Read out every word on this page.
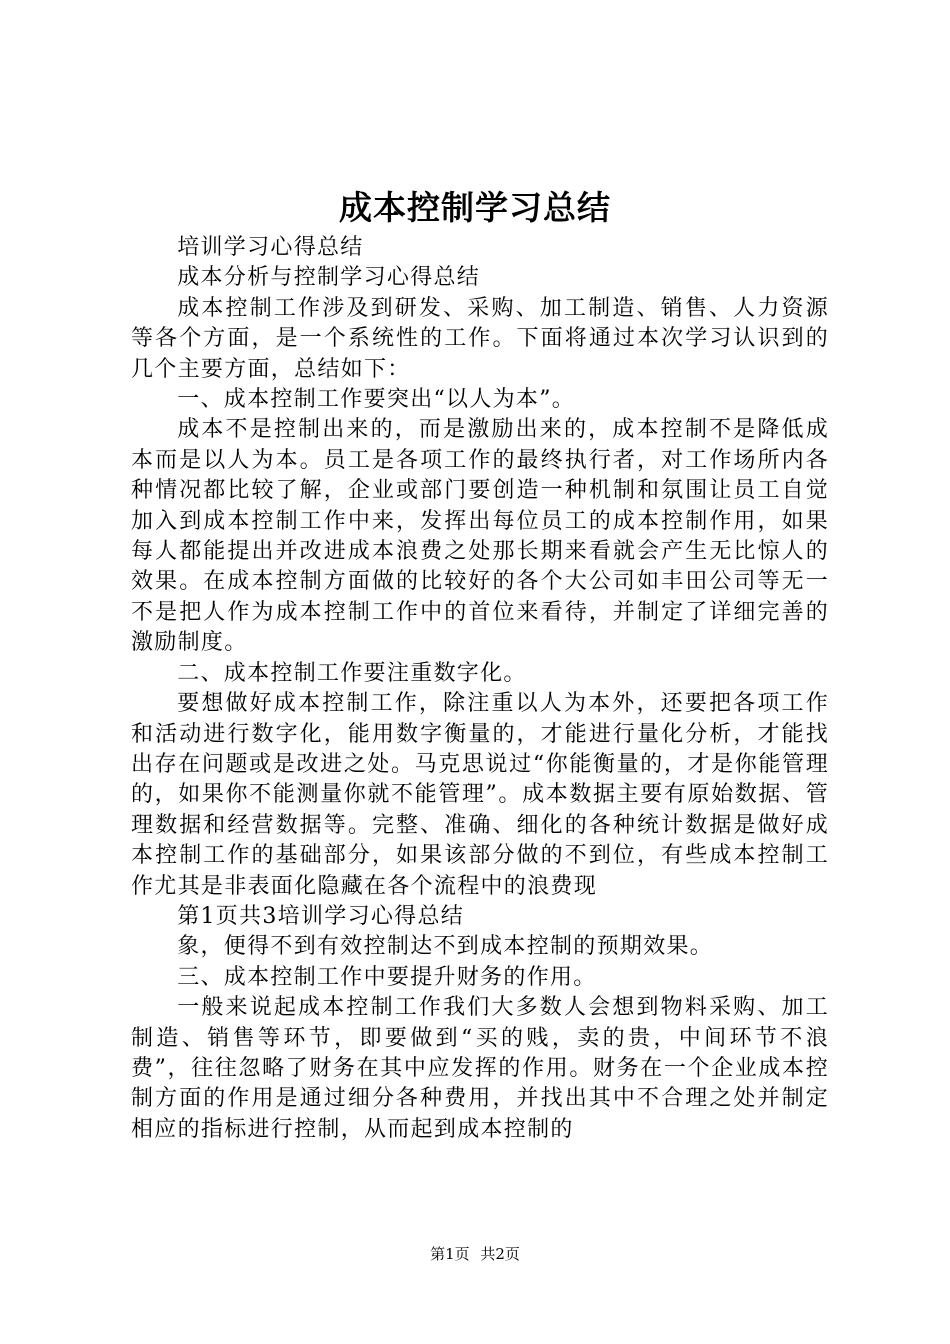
成本控制学习总结

培训学习心得总结

成本分析与控制学习心得总结

成本控制工作涉及到研发、采购、加工制造、销售、人力资源等各个方面，是一个系统性的工作。下面将通过本次学习认识到的几个主要方面，总结如下：

一、成本控制工作要突出“以人为本”。

成本不是控制出来的，而是激励出来的，成本控制不是降低成本而是以人为本。员工是各项工作的最终执行者，对工作场所内各种情况都比较了解，企业或部门要创造一种机制和氛围让员工自觉加入到成本控制工作中来，发挥出每位员工的成本控制作用，如果每人都能提出并改进成本浪费之处那长期来看就会产生无比惊人的效果。在成本控制方面做的比较好的各个大公司如丰田公司等无一不是把人作为成本控制工作中的首位来看待，并制定了详细完善的激励制度。

二、成本控制工作要注重数字化。

要想做好成本控制工作，除注重以人为本外，还要把各项工作和活动进行数字化，能用数字衡量的，才能进行量化分析，才能找出存在问题或是改进之处。马克思说过“你能衡量的，才是你能管理的，如果你不能测量你就不能管理”。成本数据主要有原始数据、管理数据和经营数据等。完整、准确、细化的各种统计数据是做好成本控制工作的基础部分，如果该部分做的不到位，有些成本控制工作尤其是非表面化隐藏在各个流程中的浪费现

第1页共3培训学习心得总结

象，便得不到有效控制达不到成本控制的预期效果。

三、成本控制工作中要提升财务的作用。

一般来说起成本控制工作我们大多数人会想到物料采购、加工制造、销售等环节，即要做到“买的贱，卖的贵，中间环节不浪费”，往往忽略了财务在其中应发挥的作用。财务在一个企业成本控制方面的作用是通过细分各种费用，并找出其中不合理之处并制定相应的指标进行控制，从而起到成本控制的

第1页 共2页
